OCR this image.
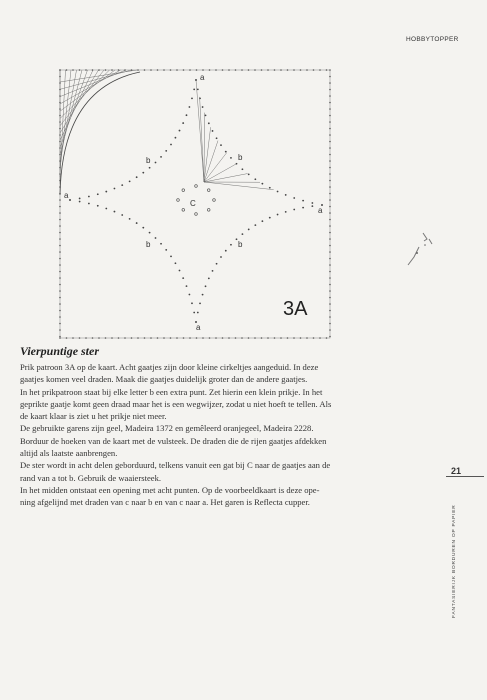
HOBBYTOPPER
a
a
a
a
b	b
b	b
C
3A
Vierpuntige ster

Prik patroon 3A op de kaart. Acht gaatjes zijn door kleine cirkeltjes aangeduid. In deze

gaatjes komen veel draden. Maak die gaatjes duidelijk groter dan de andere gaatjes.

In het prikpatroon staat bij elke letter b een extra punt. Zet hierin een klein prikje. In het

geprikte gaatje komt geen draad maar het is een wegwijzer, zodat u niet hoeft te tellen. Als

de kaart klaar is ziet u het prikje niet meer.

De gebruikte garens zijn geel, Madeira 1372 en gemêleerd oranjegeel, Madeira 2228.

Borduur de hoeken van de kaart met de vulsteek. De draden die de rijen gaatjes afdekken

altijd als laatste aanbrengen.

De ster wordt in acht delen geborduurd, telkens vanuit een gat bij C naar de gaatjes aan de

rand van a tot b. Gebruik de waaiersteek.

In het midden ontstaat een opening met acht punten. Op de voorbeeldkaart is deze ope-

ning afgelijnd met draden van c naar b en van c naar a. Het garen is Reflecta cupper.

21
FANTASIERIJK BORDUREN OP PAPIER
